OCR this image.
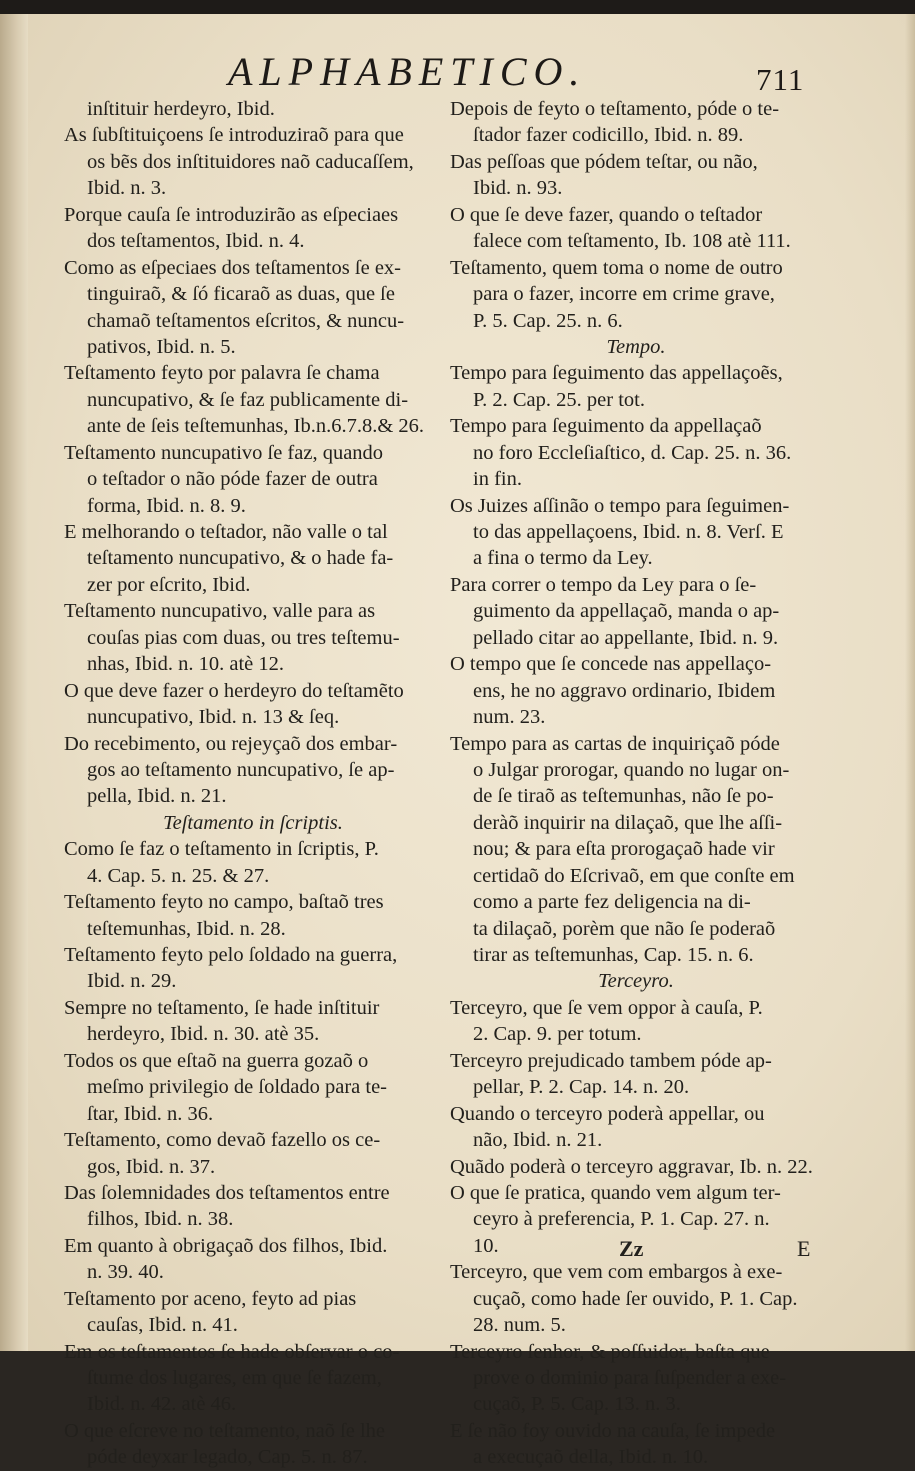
ALPHABETICO.	711
inſtituir herdeyro, Ibid.
As ſubſtituiçoens ſe introduziraõ para que
os bẽs dos inſtituidores naõ caducaſſem,
Ibid. n. 3.
Porque cauſa ſe introduzirão as eſpeciaes
dos teſtamentos, Ibid. n. 4.
Como as eſpeciaes dos teſtamentos ſe ex-
tinguiraõ, & ſó ficaraõ as duas, que ſe
chamaõ teſtamentos eſcritos, & nuncu-
pativos, Ibid. n. 5.
Teſtamento feyto por palavra ſe chama
nuncupativo, & ſe faz publicamente di-
ante de ſeis teſtemunhas, Ib.n.6.7.8.& 26.
Teſtamento nuncupativo ſe faz, quando
o teſtador o não póde fazer de outra
forma, Ibid. n. 8. 9.
E melhorando o teſtador, não valle o tal
teſtamento nuncupativo, & o hade fa-
zer por eſcrito, Ibid.
Teſtamento nuncupativo, valle para as
couſas pias com duas, ou tres teſtemu-
nhas, Ibid. n. 10. atè 12.
O que deve fazer o herdeyro do teſtamẽto
nuncupativo, Ibid. n. 13 & ſeq.
Do recebimento, ou rejeyçaõ dos embar-
gos ao teſtamento nuncupativo, ſe ap-
pella, Ibid. n. 21.
Teſtamento in ſcriptis.
Como ſe faz o teſtamento in ſcriptis, P.
4. Cap. 5. n. 25. & 27.
Teſtamento feyto no campo, baſtaõ tres
teſtemunhas, Ibid. n. 28.
Teſtamento feyto pelo ſoldado na guerra,
Ibid. n. 29.
Sempre no teſtamento, ſe hade inſtituir
herdeyro, Ibid. n. 30. atè 35.
Todos os que eſtaõ na guerra gozaõ o
meſmo privilegio de ſoldado para te-
ſtar, Ibid. n. 36.
Teſtamento, como devaõ fazello os ce-
gos, Ibid. n. 37.
Das ſolemnidades dos teſtamentos entre
filhos, Ibid. n. 38.
Em quanto à obrigaçaõ dos filhos, Ibid.
n. 39. 40.
Teſtamento por aceno, feyto ad pias
cauſas, Ibid. n. 41.
Em os teſtamentos ſe hade obſervar o co-
ſtume dos lugares, em que ſe fazem,
Ibid. n. 42. atè 46.
O que eſcreve no teſtamento, naõ ſe lhe
póde deyxar legado, Cap. 5. n. 87.
Depois de feyto o teſtamento, póde o te-
ſtador fazer codicillo, Ibid. n. 89.
Das peſſoas que pódem teſtar, ou não,
Ibid. n. 93.
O que ſe deve fazer, quando o teſtador
falece com teſtamento, Ib. 108 atè 111.
Teſtamento, quem toma o nome de outro
para o fazer, incorre em crime grave,
P. 5. Cap. 25. n. 6.
Tempo.
Tempo para ſeguimento das appellaçoẽs,
P. 2. Cap. 25. per tot.
Tempo para ſeguimento da appellaçaõ
no foro Eccleſiaſtico, d. Cap. 25. n. 36.
in fin.
Os Juizes aſſinão o tempo para ſeguimen-
to das appellaçoens, Ibid. n. 8. Verſ. E
a fina o termo da Ley.
Para correr o tempo da Ley para o ſe-
guimento da appellaçaõ, manda o ap-
pellado citar ao appellante, Ibid. n. 9.
O tempo que ſe concede nas appellaço-
ens, he no aggravo ordinario, Ibidem
num. 23.
Tempo para as cartas de inquiriçaõ póde
o Julgar prorogar, quando no lugar on-
de ſe tiraõ as teſtemunhas, não ſe po-
deràõ inquirir na dilaçaõ, que lhe aſſi-
nou; & para eſta prorogaçaõ hade vir
certidaõ do Eſcrivaõ, em que conſte em
como a parte fez deligencia na di-
ta dilaçaõ, porèm que não ſe poderaõ
tirar as teſtemunhas, Cap. 15. n. 6.
Terceyro.
Terceyro, que ſe vem oppor à cauſa, P.
2. Cap. 9. per totum.
Terceyro prejudicado tambem póde ap-
pellar, P. 2. Cap. 14. n. 20.
Quando o terceyro poderà appellar, ou
não, Ibid. n. 21.
Quãdo poderà o terceyro aggravar, Ib. n. 22.
O que ſe pratica, quando vem algum ter-
ceyro à preferencia, P. 1. Cap. 27. n.
10.
Terceyro, que vem com embargos à exe-
cuçaõ, como hade ſer ouvido, P. 1. Cap.
28. num. 5.
Terceyro ſenhor, & poſſuidor, baſta que
prove o dominio para ſuſpender a exe-
cuçaõ, P. 5. Cap. 13. n. 3.
E ſe não foy ouvido na cauſa, ſe impede
a execuçaõ della, Ibid. n. 10.
Zz	E
